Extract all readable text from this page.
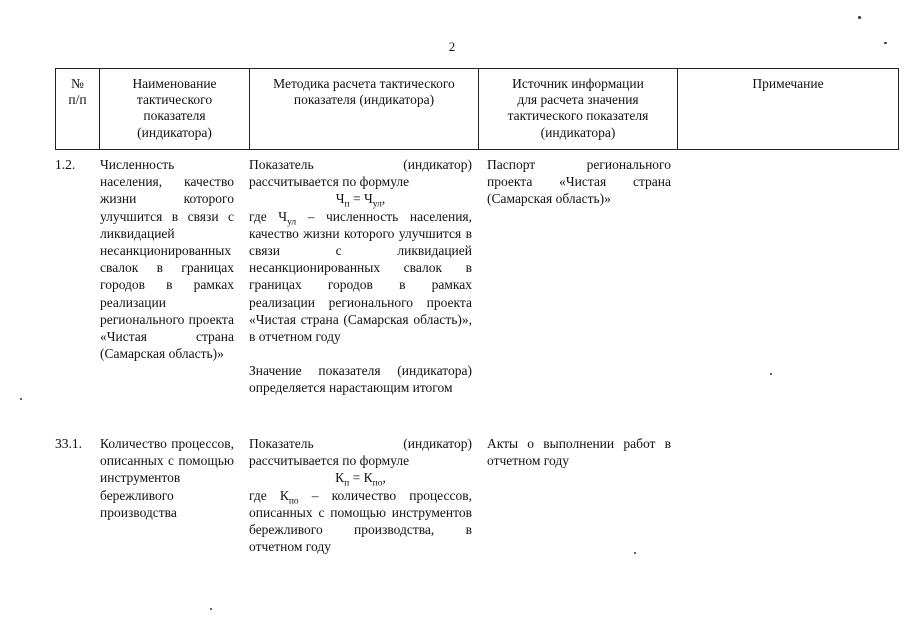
2
№
п/п
Наименование
тактического
показателя
(индикатора)
Методика расчета тактического
показателя (индикатора)
Источник информации
для расчета значения
тактического показателя
(индикатора)
Примечание
1.2.	Численность населения, качество жизни которого улучшится в связи с ликвидацией несанкционированных свалок в границах городов в рамках реализации регионального проекта «Чистая страна (Самарская область)»
Показатель (индикатор) рассчитывается по формуле
$Ч_п = Ч_{ул}$,
где $Ч_{ул}$ – численность населения, качество жизни которого улучшится в связи с ликвидацией несанкционированных свалок в границах городов в рамках реализации регионального проекта «Чистая страна (Самарская область)», в отчетном году
Значение показателя (индикатора) определяется нарастающим итогом
Паспорт регионального проекта «Чистая страна (Самарская область)»
33.1.	Количество процессов, описанных с помощью инструментов бережливого производства
Показатель (индикатор) рассчитывается по формуле
$К_п = К_{по}$,
где $К_{по}$ – количество процессов, описанных с помощью инструментов бережливого производства, в отчетном году
Акты о выполнении работ в отчетном году
